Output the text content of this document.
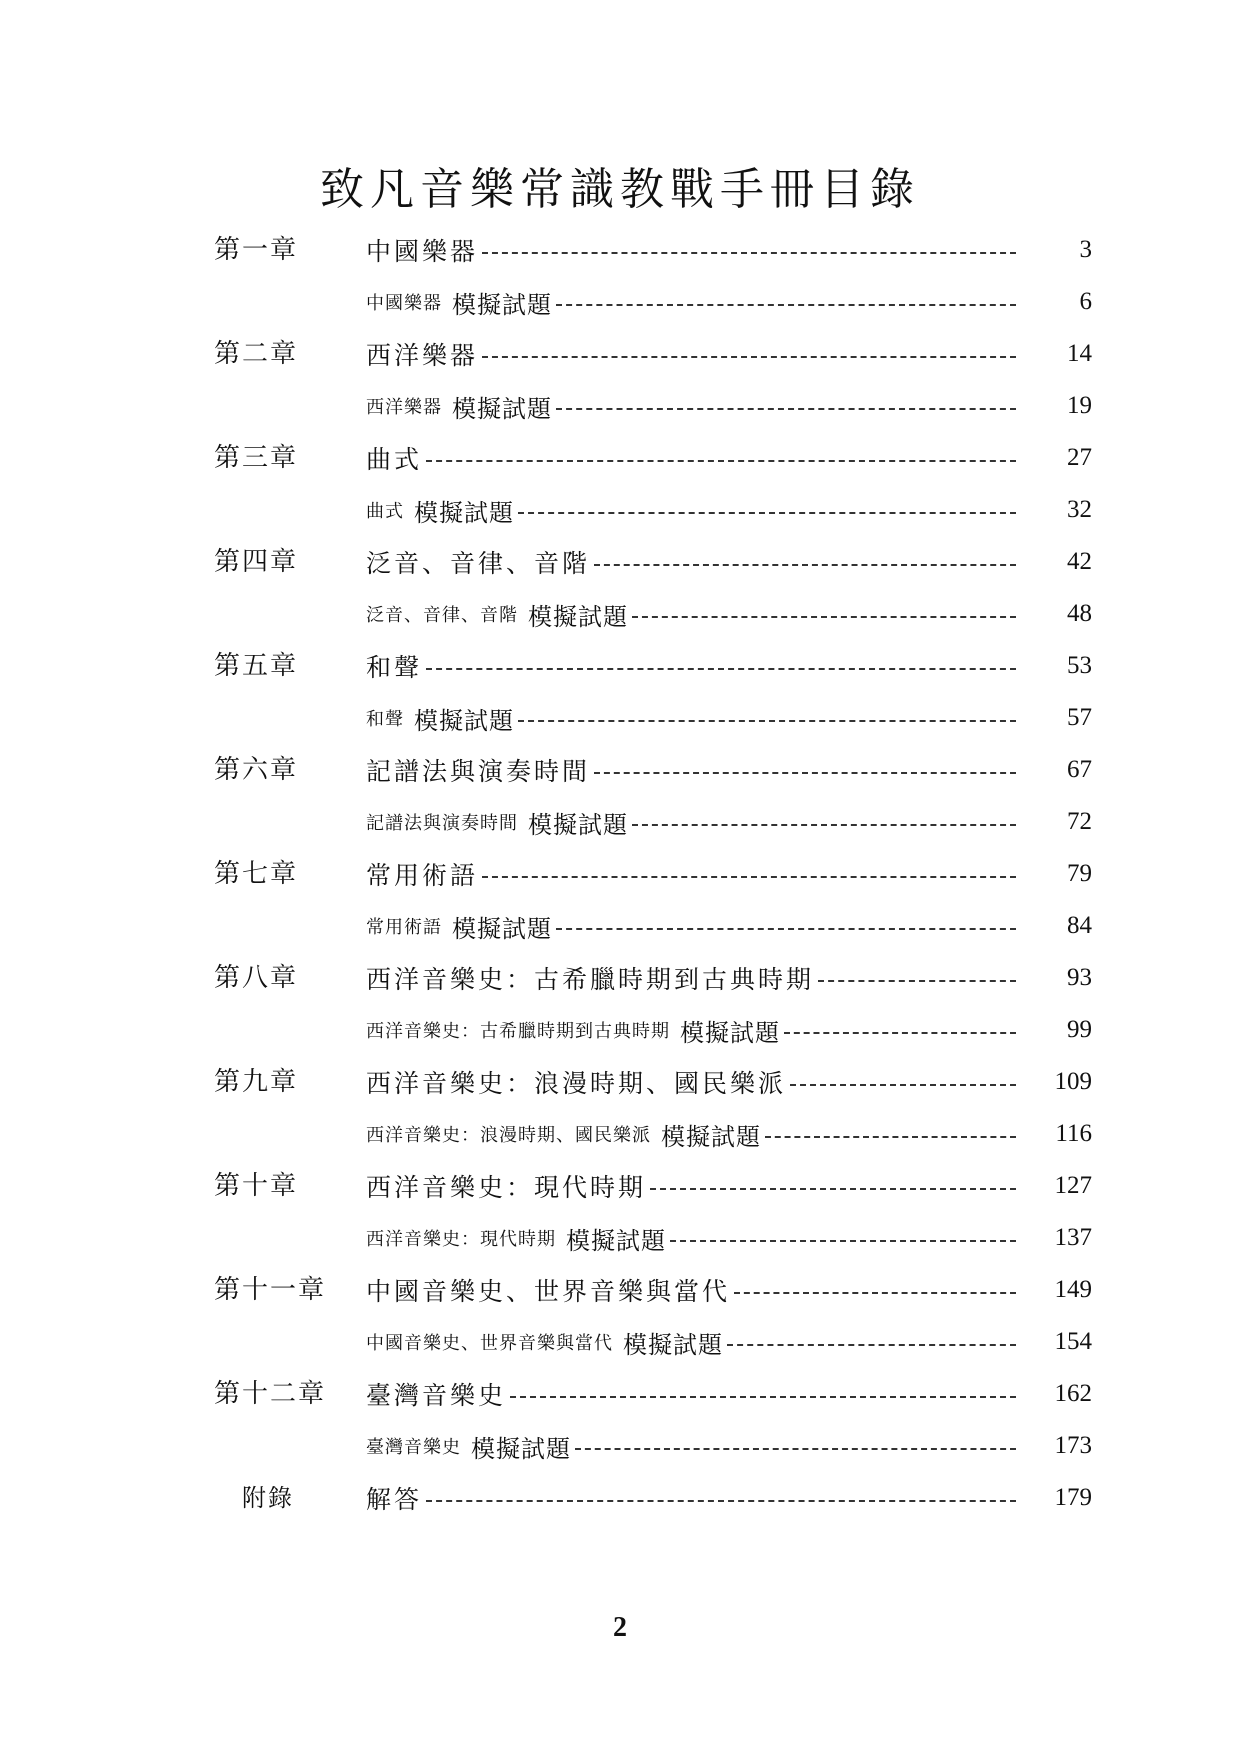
致凡音樂常識教戰手冊目錄
第一章	中國樂器	3
中國樂器 模擬試題	6
第二章	西洋樂器	14
西洋樂器 模擬試題	19
第三章	曲式	27
曲式 模擬試題	32
第四章	泛音、音律、音階	42
泛音、音律、音階 模擬試題	48
第五章	和聲	53
和聲 模擬試題	57
第六章	記譜法與演奏時間	67
記譜法與演奏時間 模擬試題	72
第七章	常用術語	79
常用術語 模擬試題	84
第八章	西洋音樂史：古希臘時期到古典時期	93
西洋音樂史：古希臘時期到古典時期 模擬試題	99
第九章	西洋音樂史：浪漫時期、國民樂派	109
西洋音樂史：浪漫時期、國民樂派 模擬試題	116
第十章	西洋音樂史：現代時期	127
西洋音樂史：現代時期 模擬試題	137
第十一章 中國音樂史、世界音樂與當代	149
中國音樂史、世界音樂與當代 模擬試題	154
第十二章 臺灣音樂史	162
臺灣音樂史 模擬試題	173
附錄	解答	179
2
